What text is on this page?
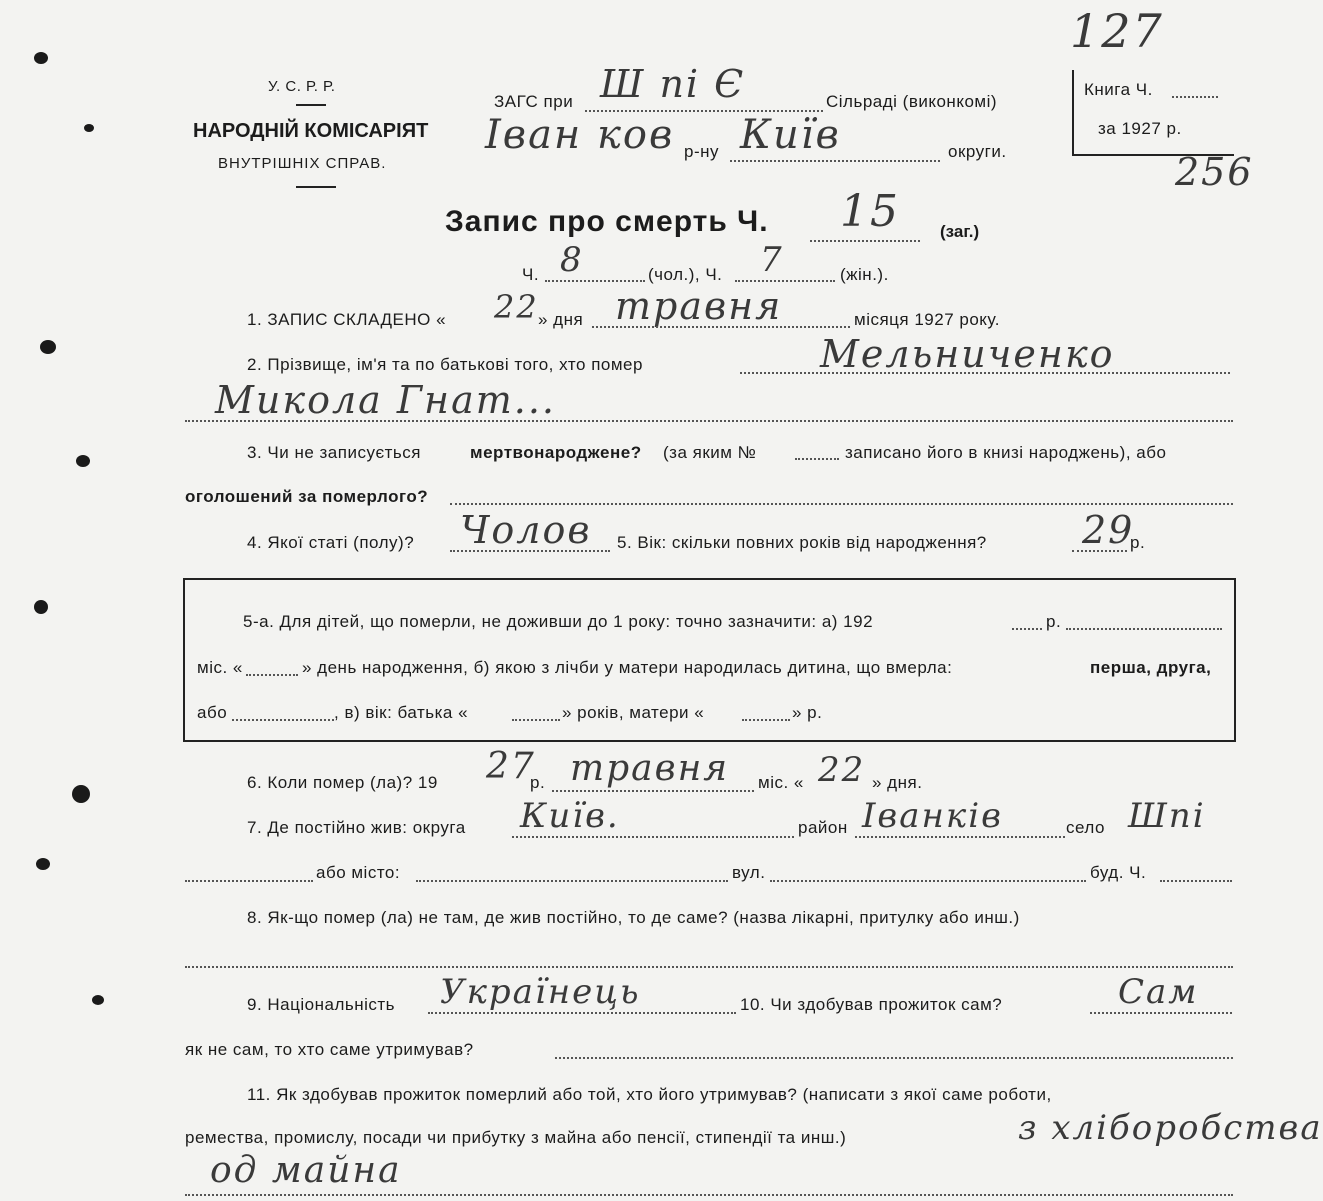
127
256
У. С. Р. Р.
НАРОДНІЙ КОМІСАРІЯТ
ВНУТРІШНІХ СПРАВ.
ЗАГС при Ш пі Є	Сільраді (виконкомі)
Іван ков р-ну Київ	округи.
Книга Ч.
за 1927 р.
Запис про смерть Ч. 15 (заг.)
Ч. 8	(чол.), Ч. 7	(жін.).
1. ЗАПИС СКЛАДЕНО « 22 » дня травня	місяця 1927 року.
2. Прізвище, ім'я та по батькові того, хто помер	Мельниченко
Микола Гнат...
3. Чи не записується	мертвонароджене? (за яким №	записано його в книзі народжень), або
оголошений за померлого?
4. Якої статі (полу)? Чолов 5. Вік: скільки повних років від народження?	29
р.
5-а. Для дітей, що померли, не доживши до 1 року: точно зазначити: а) 192	р.
міс. «	» день народження, б) якою з лічби у матери народилась дитина, що вмерла:	перша, друга,
або	, в) вік: батька «	» років, матери «	» р.
6. Коли помер (ла)? 19 27
р. травня міс. « 22 » дня.
7. Де постійно жив: округа Київ.	район Іванків	село Шпі
або місто:	вул.	буд. Ч.
8. Як-що помер (ла) не там, де жив постійно, то де саме? (назва лікарні, притулку або инш.)
9. Національність Українець	10. Чи здобував прожиток сам?	Сам
як не сам, то хто саме утримував?
11. Як здобував прожиток померлий або той, хто його утримував? (написати з якої саме роботи,
ремества, промислу, посади чи прибутку з майна або пенсії, стипендії та инш.)	з хліборобства
од майна
